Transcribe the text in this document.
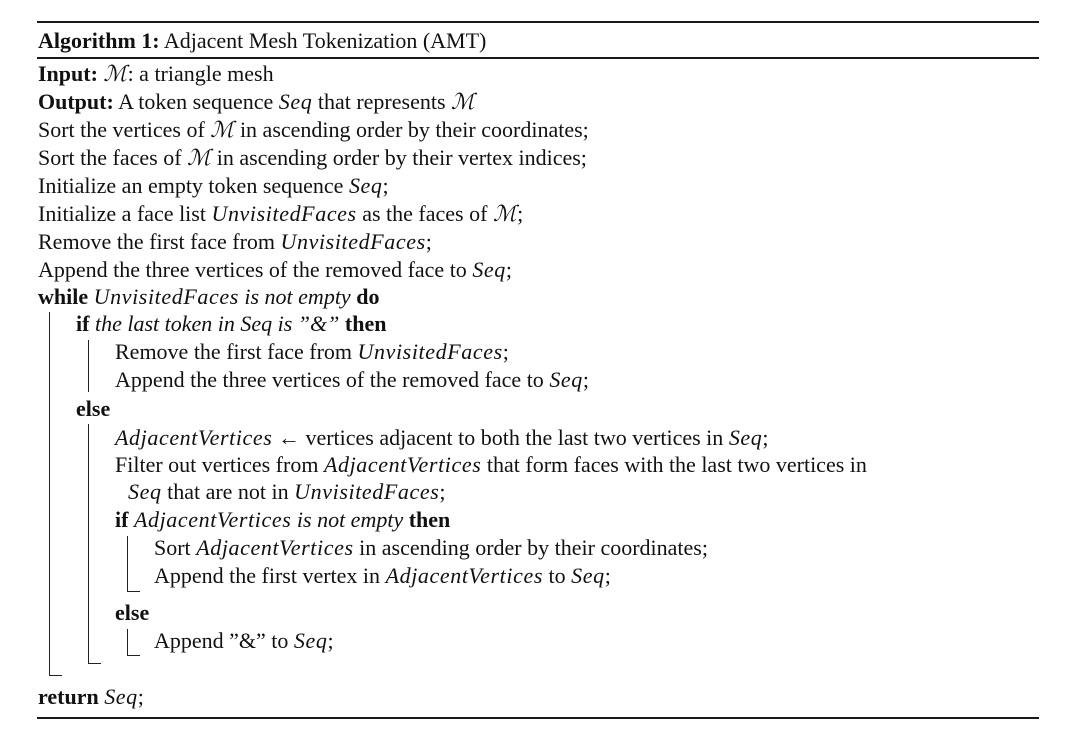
Algorithm 1: Adjacent Mesh Tokenization (AMT)
Input: ℳ: a triangle mesh
Output: A token sequence Seq that represents ℳ
Sort the vertices of ℳ in ascending order by their coordinates;
Sort the faces of ℳ in ascending order by their vertex indices;
Initialize an empty token sequence Seq;
Initialize a face list UnvisitedFaces as the faces of ℳ;
Remove the first face from UnvisitedFaces;
Append the three vertices of the removed face to Seq;
while UnvisitedFaces is not empty do
if the last token in Seq is ”&” then
Remove the first face from UnvisitedFaces;
Append the three vertices of the removed face to Seq;
else
AdjacentVertices ← vertices adjacent to both the last two vertices in Seq;
Filter out vertices from AdjacentVertices that form faces with the last two vertices in
Seq that are not in UnvisitedFaces;
if AdjacentVertices is not empty then
Sort AdjacentVertices in ascending order by their coordinates;
Append the first vertex in AdjacentVertices to Seq;
else
Append ”&” to Seq;
return Seq;
